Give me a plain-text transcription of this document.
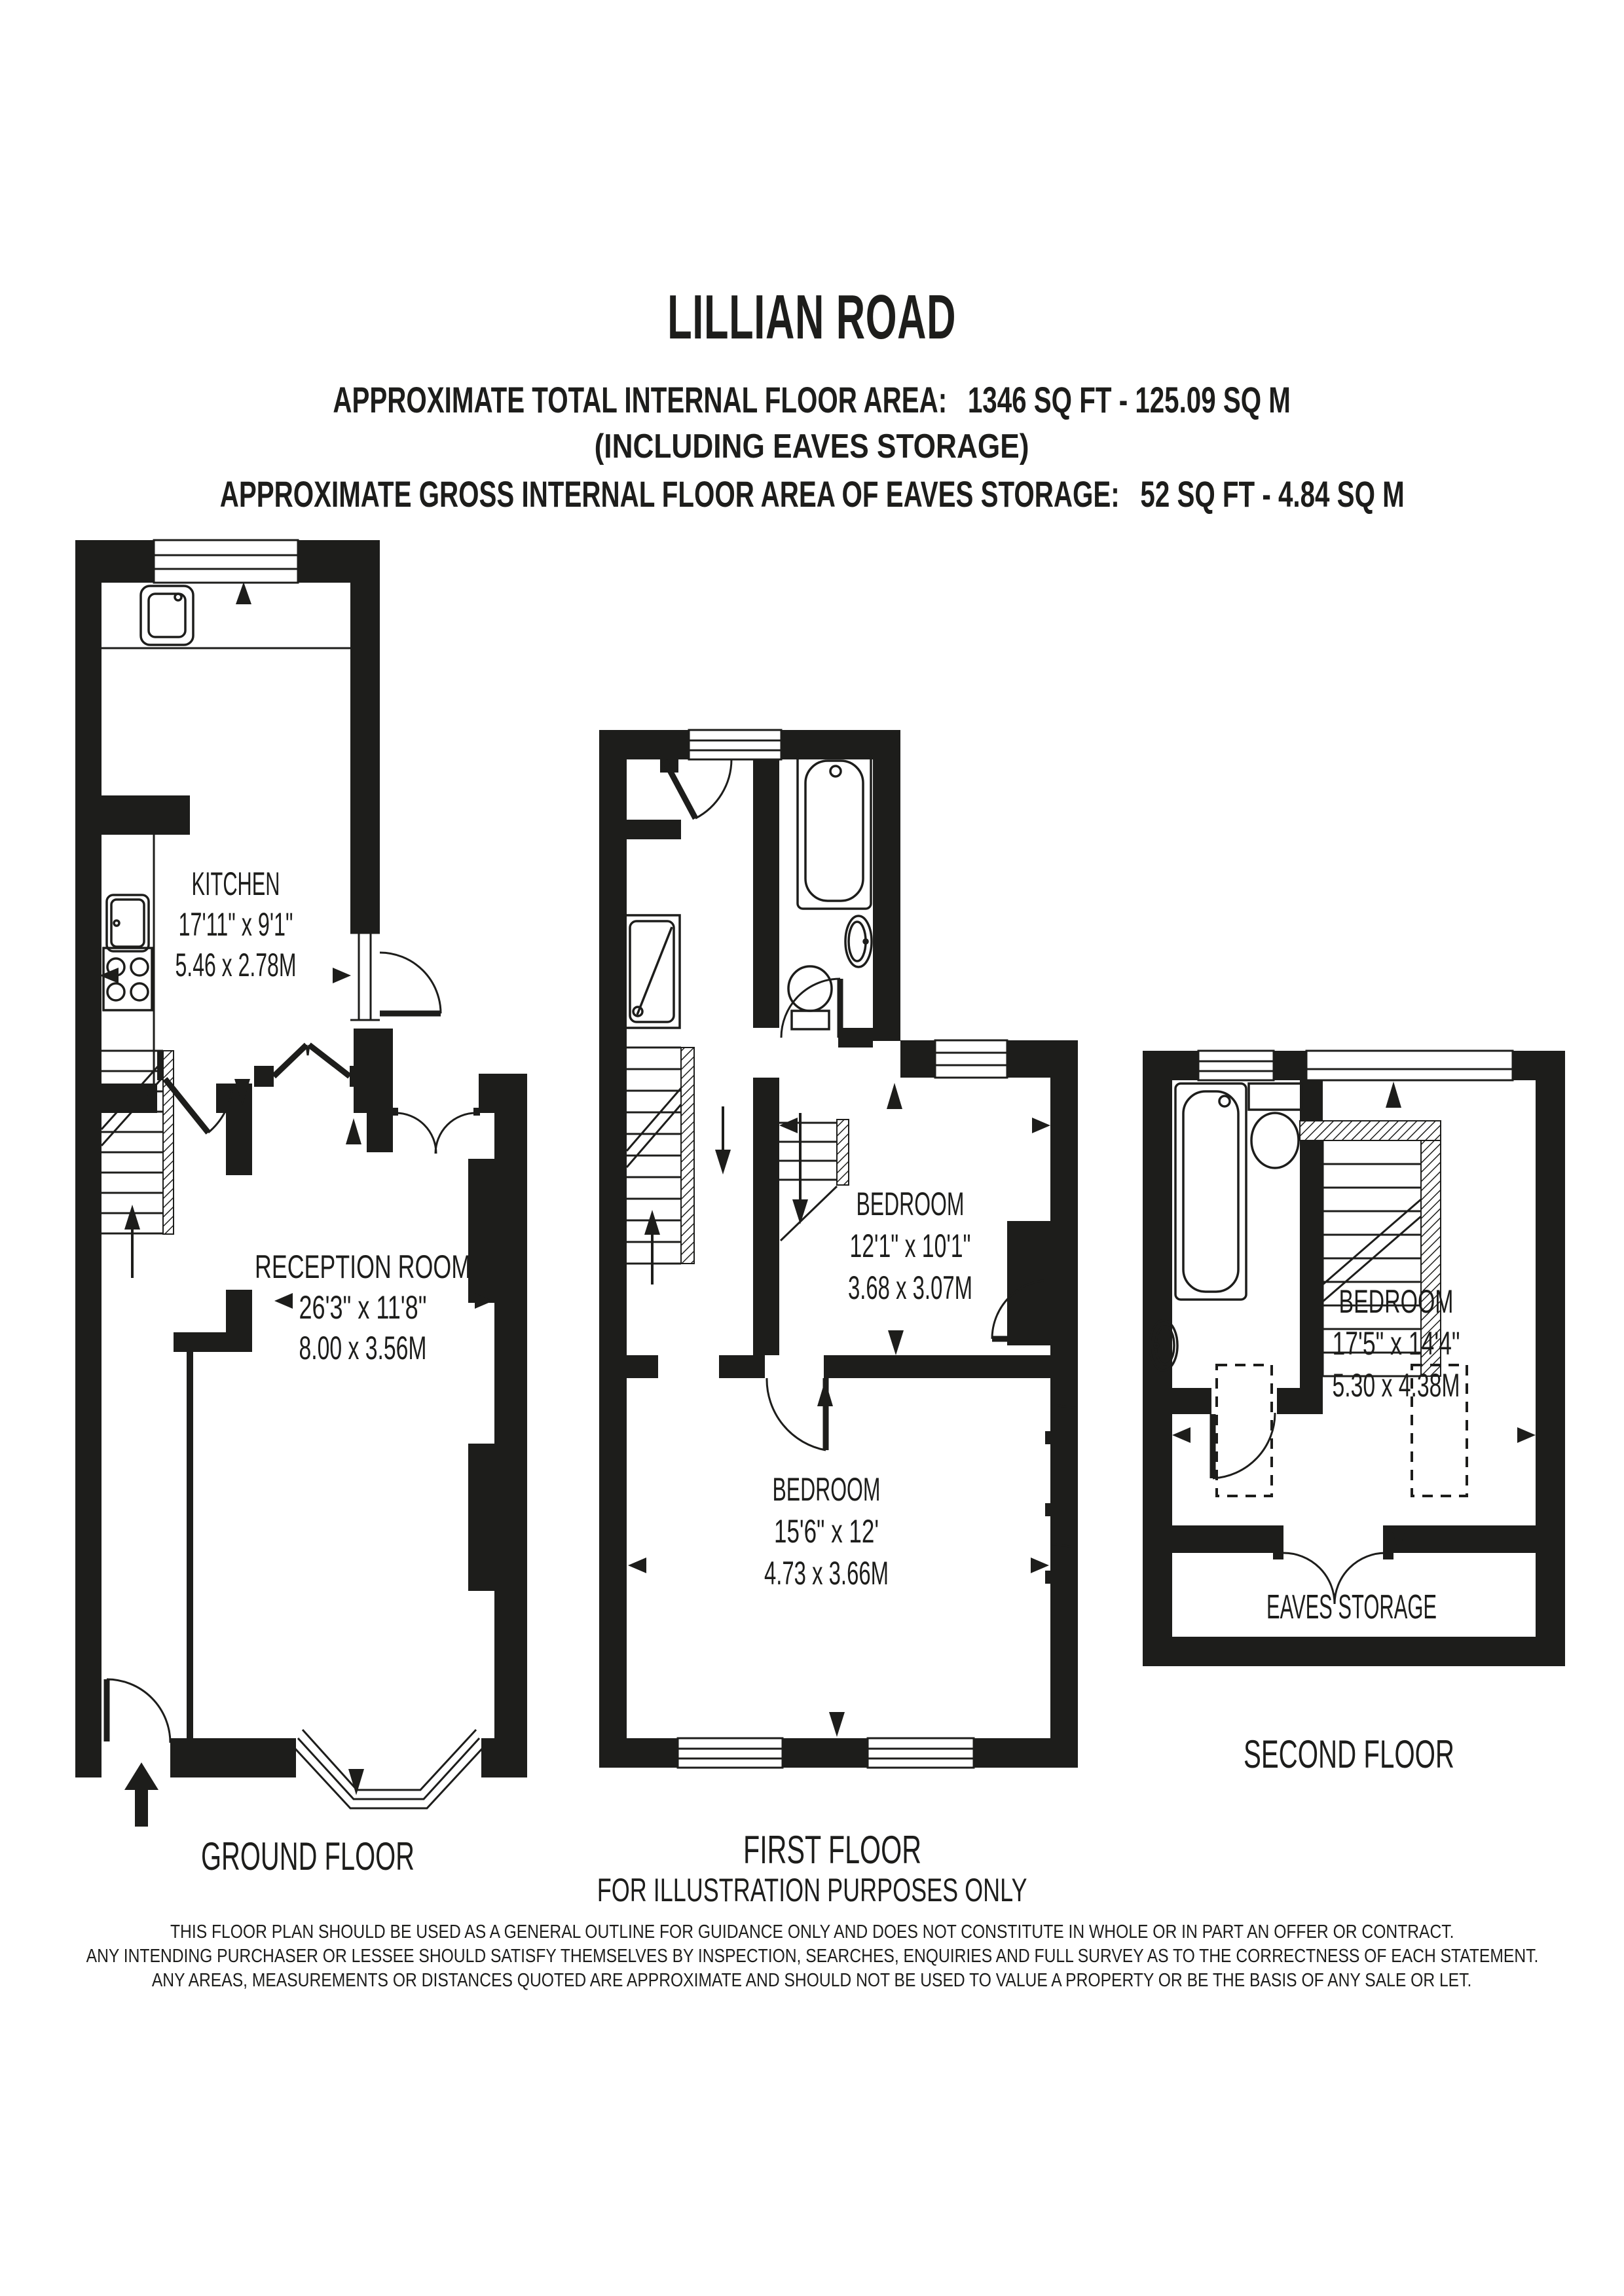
LILLIAN ROAD
APPROXIMATE TOTAL INTERNAL FLOOR AREA: 1346 SQ FT - 125.09 SQ M
(INCLUDING EAVES STORAGE)
APPROXIMATE GROSS INTERNAL FLOOR AREA OF EAVES STORAGE: 52 SQ FT - 4.84 SQ M
KITCHEN
17'11" x 9'1"
5.46 x 2.78M
RECEPTION ROOM
26'3" x 11'8"
8.00 x 3.56M
GROUND FLOOR
BEDROOM
12'1" x 10'1"
3.68 x 3.07M
BEDROOM
15'6" x 12'
4.73 x 3.66M
FIRST FLOOR
BEDROOM
17'5" x 14'4"
5.30 x 4.38M
EAVES STORAGE
SECOND FLOOR
FOR ILLUSTRATION PURPOSES ONLY
THIS FLOOR PLAN SHOULD BE USED AS A GENERAL OUTLINE FOR GUIDANCE ONLY AND DOES NOT CONSTITUTE IN WHOLE OR IN PART AN OFFER OR CONTRACT.
ANY INTENDING PURCHASER OR LESSEE SHOULD SATISFY THEMSELVES BY INSPECTION, SEARCHES, ENQUIRIES AND FULL SURVEY AS TO THE CORRECTNESS OF EACH STATEMENT.
ANY AREAS, MEASUREMENTS OR DISTANCES QUOTED ARE APPROXIMATE AND SHOULD NOT BE USED TO VALUE A PROPERTY OR BE THE BASIS OF ANY SALE OR LET.
